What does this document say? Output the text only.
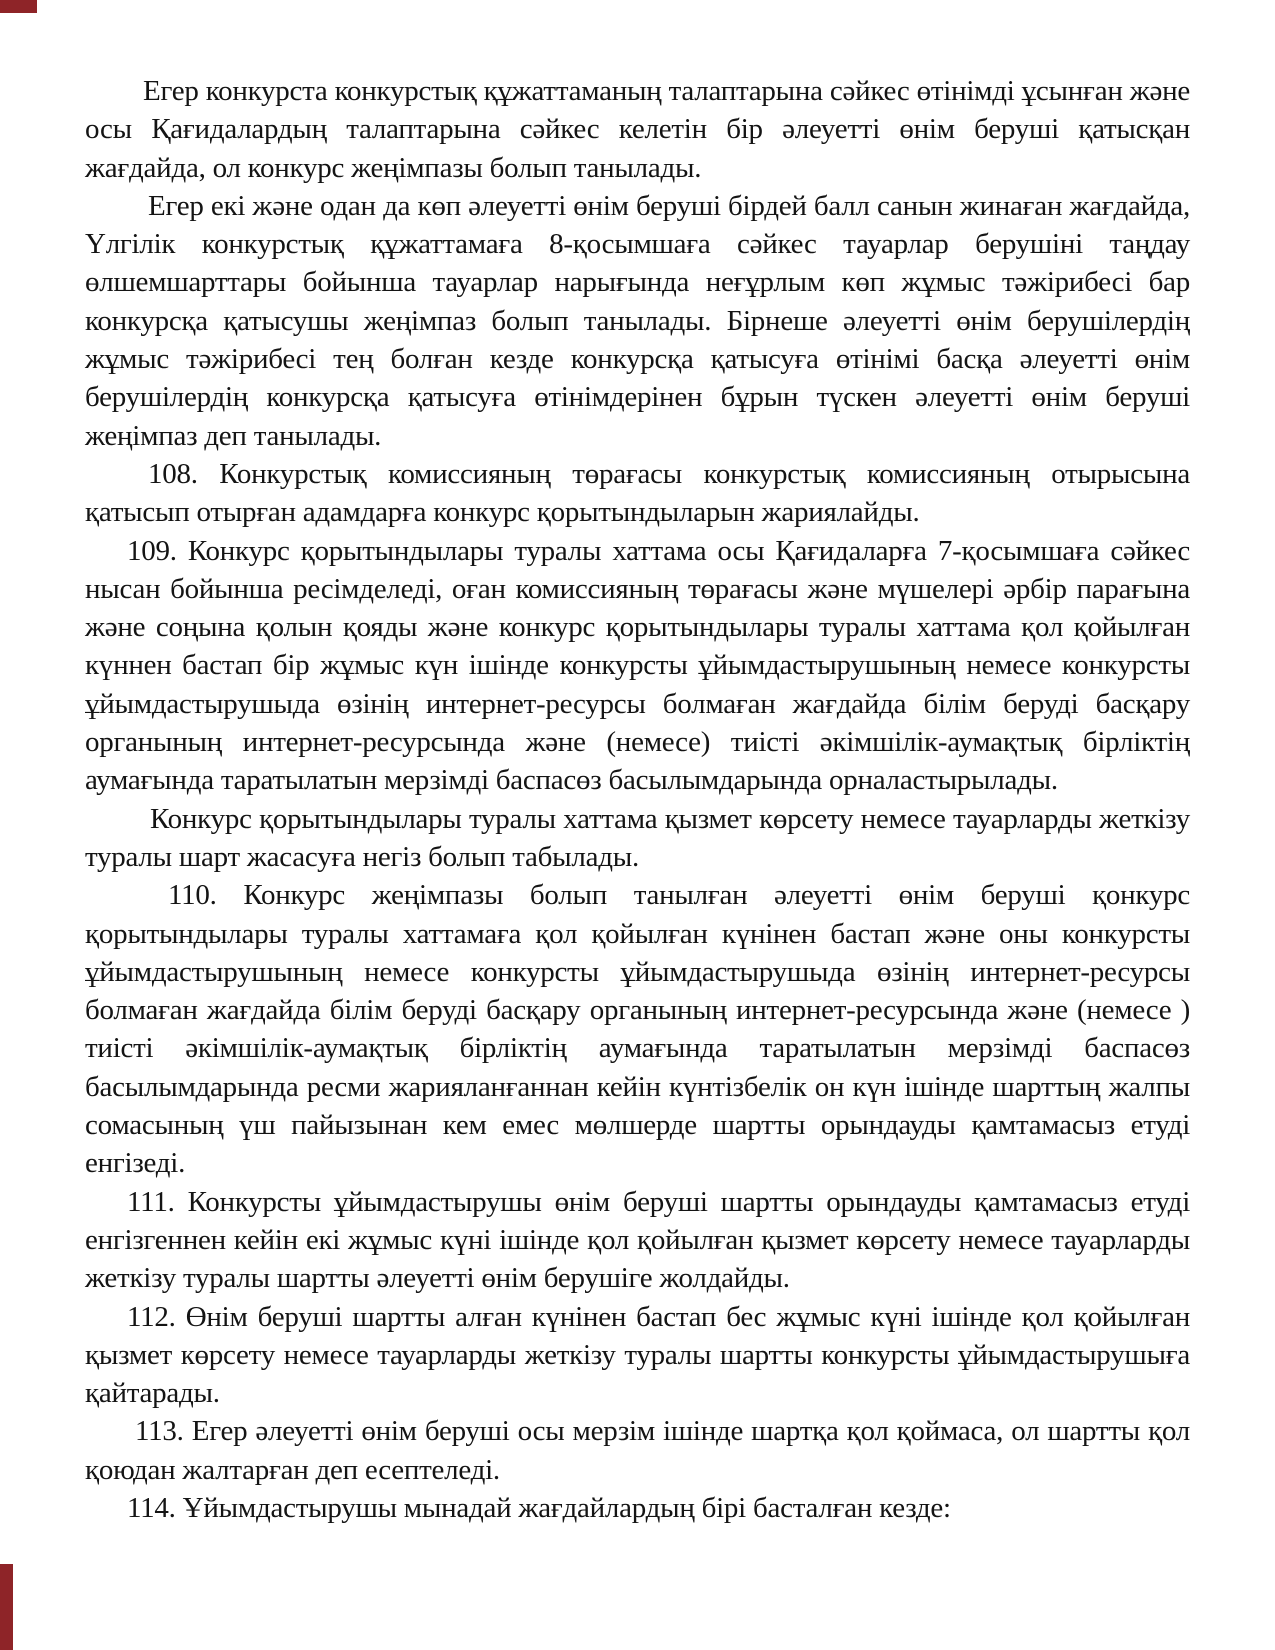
Егер конкурста конкурстық құжаттаманың талаптарына сәйкес өтінімді ұсынған және осы Қағидалардың талаптарына сәйкес келетін бір әлеуетті өнім беруші қатысқан жағдайда, ол конкурс жеңімпазы болып танылады.

Егер екі және одан да көп әлеуетті өнім беруші бірдей балл санын жинаған жағдайда, Үлгілік конкурстық құжаттамаға 8-қосымшаға сәйкес тауарлар берушіні таңдау өлшемшарттары бойынша тауарлар нарығында неғұрлым көп жұмыс тәжірибесі бар конкурсқа қатысушы жеңімпаз болып танылады. Бірнеше әлеуетті өнім берушілердің жұмыс тәжірибесі тең болған кезде конкурсқа қатысуға өтінімі басқа әлеуетті өнім берушілердің конкурсқа қатысуға өтінімдерінен бұрын түскен әлеуетті өнім беруші жеңімпаз деп танылады.

108. Конкурстық комиссияның төрағасы конкурстық комиссияның отырысына қатысып отырған адамдарға конкурс қорытындыларын жариялайды.

109. Конкурс қорытындылары туралы хаттама осы Қағидаларға 7-қосымшаға сәйкес нысан бойынша ресімделеді, оған комиссияның төрағасы және мүшелері әрбір парағына және соңына қолын қояды және конкурс қорытындылары туралы хаттама қол қойылған күннен бастап бір жұмыс күн ішінде конкурсты ұйымдастырушының немесе конкурсты ұйымдастырушыда өзінің интернет-ресурсы болмаған жағдайда білім беруді басқару органының интернет-ресурсында және (немесе) тиісті әкімшілік-аумақтық бірліктің аумағында таратылатын мерзімді баспасөз басылымдарында орналастырылады.

Конкурс қорытындылары туралы хаттама қызмет көрсету немесе тауарларды жеткізу туралы шарт жасасуға негіз болып табылады.

110. Конкурс жеңімпазы болып танылған әлеуетті өнім беруші қонкурс қорытындылары туралы хаттамаға қол қойылған күнінен бастап және оны конкурсты ұйымдастырушының немесе конкурсты ұйымдастырушыда өзінің интернет-ресурсы болмаған жағдайда білім беруді басқару органының интернет-ресурсында және (немесе ) тиісті әкімшілік-аумақтық бірліктің аумағында таратылатын мерзімді баспасөз басылымдарында ресми жарияланғаннан кейін күнтізбелік он күн ішінде шарттың жалпы сомасының үш пайызынан кем емес мөлшерде шартты орындауды қамтамасыз етуді енгізеді.

111. Конкурсты ұйымдастырушы өнім беруші шартты орындауды қамтамасыз етуді енгізгеннен кейін екі жұмыс күні ішінде қол қойылған қызмет көрсету немесе тауарларды жеткізу туралы шартты әлеуетті өнім берушіге жолдайды.

112. Өнім беруші шартты алған күнінен бастап бес жұмыс күні ішінде қол қойылған қызмет көрсету немесе тауарларды жеткізу туралы шартты конкурсты ұйымдастырушыға қайтарады.

113. Егер әлеуетті өнім беруші осы мерзім ішінде шартқа қол қоймаса, ол шартты қол қоюдан жалтарған деп есептеледі.

114. Ұйымдастырушы мынадай жағдайлардың бірі басталған кезде:
